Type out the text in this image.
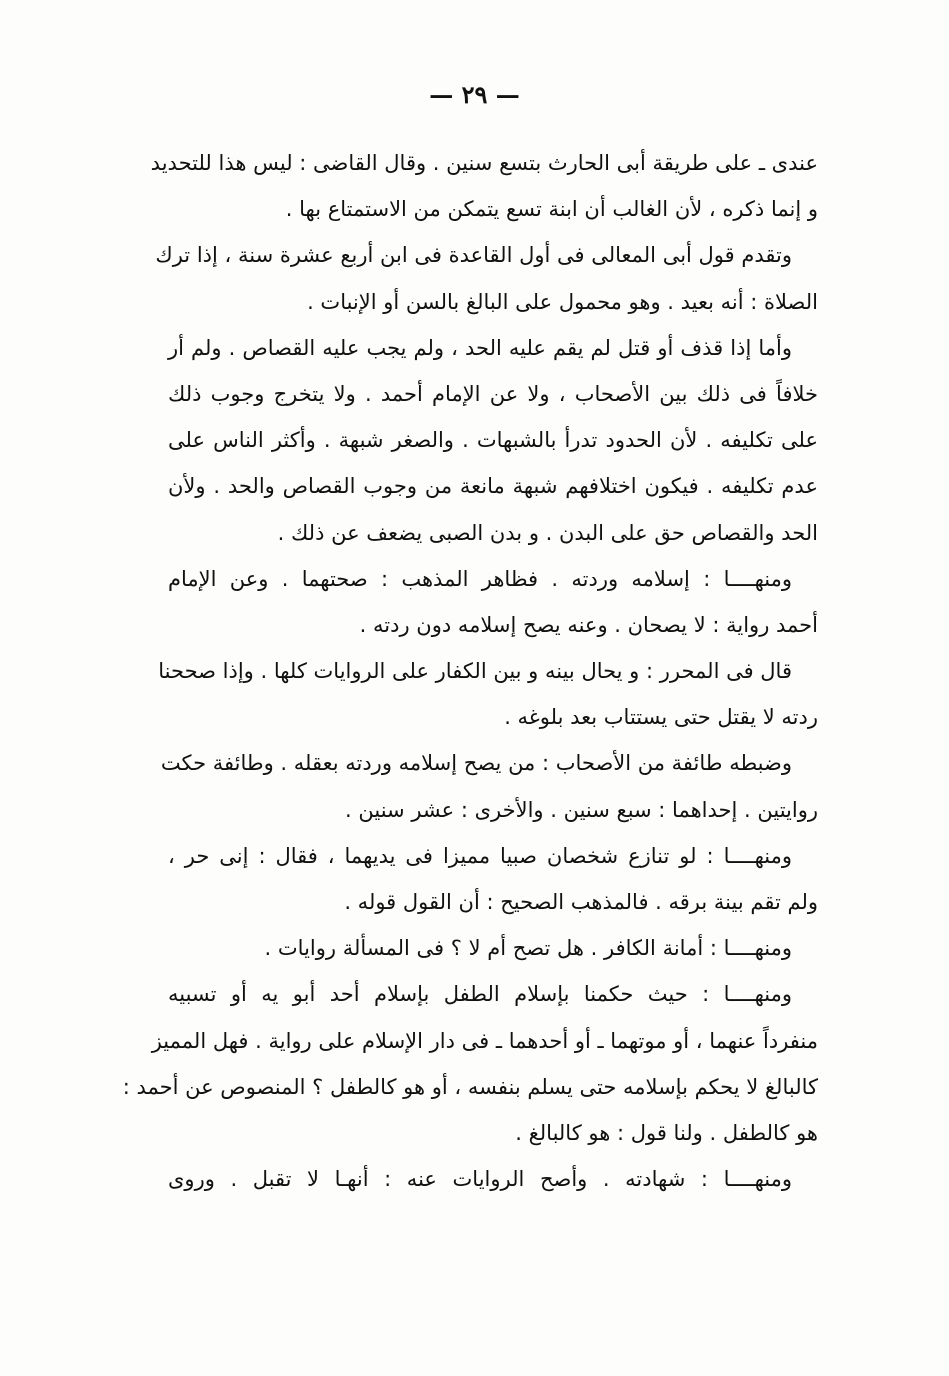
— ٢٩ —
عندى ـ على طريقة أبى الحارث بتسع سنين . وقال القاضى : ليس هذا للتحديد
و إنما ذكره ، لأن الغالب أن ابنة تسع يتمكن من الاستمتاع بها .
وتقدم قول أبى المعالى فى أول القاعدة فى ابن أربع عشرة سنة ، إذا ترك
الصلاة : أنه بعيد . وهو محمول على البالغ بالسن أو الإنبات .
وأما إذا قذف أو قتل لم يقم عليه الحد ، ولم يجب عليه القصاص . ولم أر
خلافاً فى ذلك بين الأصحاب ، ولا عن الإمام أحمد . ولا يتخرج وجوب ذلك
على تكليفه . لأن الحدود تدرأ بالشبهات . والصغر شبهة . وأكثر الناس على
عدم تكليفه . فيكون اختلافهم شبهة مانعة من وجوب القصاص والحد . ولأن
الحد والقصاص حق على البدن . و بدن الصبى يضعف عن ذلك .
ومنهــــا : إسلامه وردته . فظاهر المذهب : صحتهما . وعن الإمام
أحمد رواية : لا يصحان . وعنه يصح إسلامه دون ردته .
قال فى المحرر : و يحال بينه و بين الكفار على الروايات كلها . وإذا صححنا
ردته لا يقتل حتى يستتاب بعد بلوغه .
وضبطه طائفة من الأصحاب : من يصح إسلامه وردته بعقله . وطائفة حكت
روايتين . إحداهما : سبع سنين . والأخرى : عشر سنين .
ومنهــــا : لو تنازع شخصان صبيا مميزا فى يديهما ، فقال : إنى حر ،
ولم تقم بينة برقه . فالمذهب الصحيح : أن القول قوله .
ومنهــــا : أمانة الكافر . هل تصح أم لا ؟ فى المسألة روايات .
ومنهــــا : حيث حكمنا بإسلام الطفل بإسلام أحد أبو يه أو تسبيه
منفرداً عنهما ، أو موتهما ـ أو أحدهما ـ فى دار الإسلام على رواية . فهل المميز
كالبالغ لا يحكم بإسلامه حتى يسلم بنفسه ، أو هو كالطفل ؟ المنصوص عن أحمد :
هو كالطفل . ولنا قول : هو كالبالغ .
ومنهــــا : شهادته . وأصح الروايات عنه : أنهـا لا تقبل . وروى
